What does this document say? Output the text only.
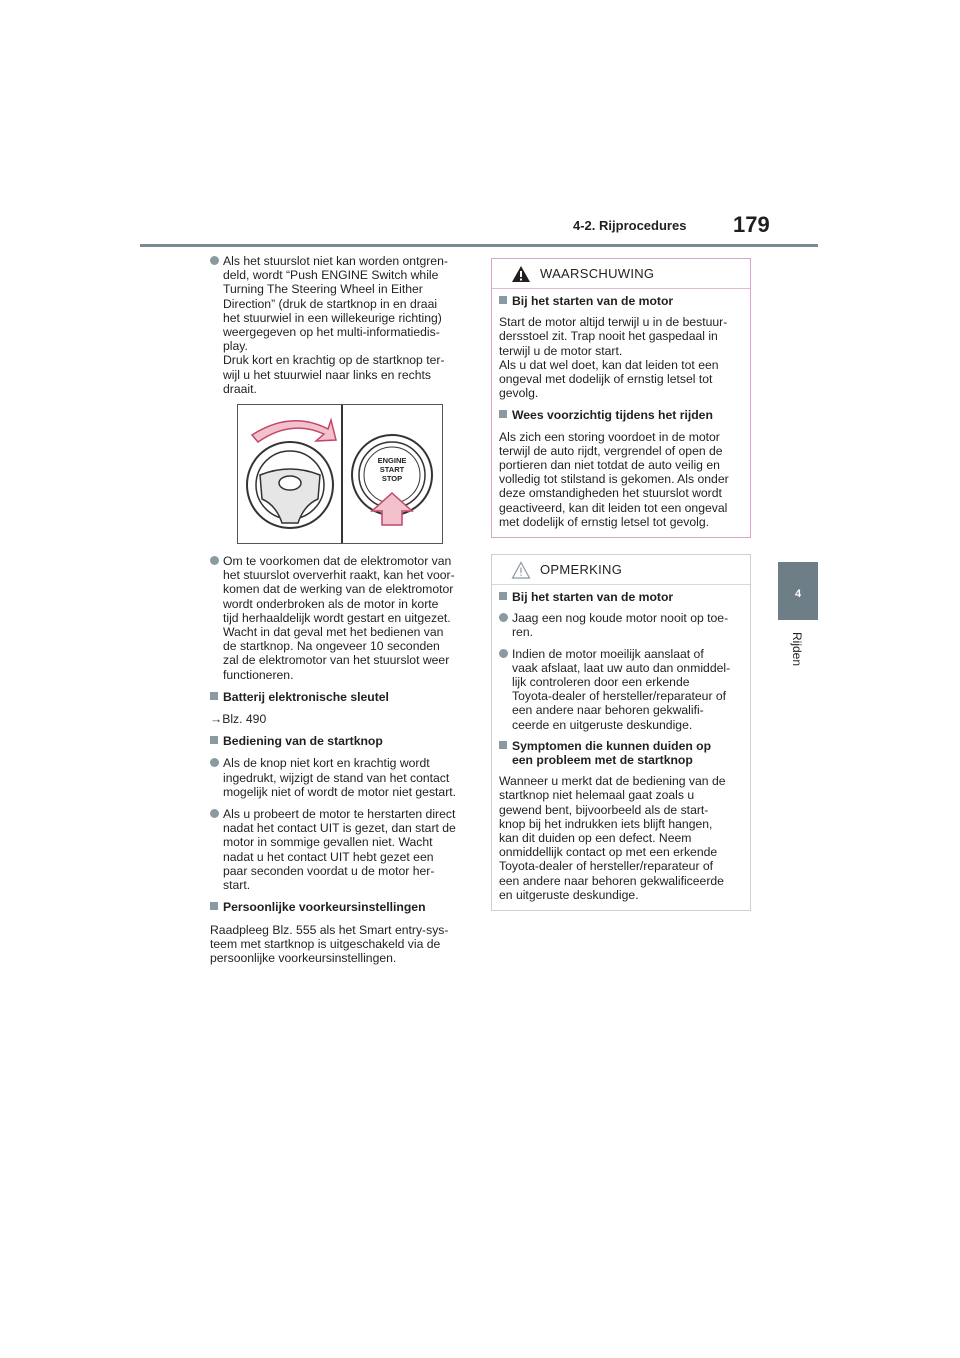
4-2. Rijprocedures 179
4
Rijden
Als het stuurslot niet kan worden ontgren-
deld, wordt “Push ENGINE Switch while
Turning The Steering Wheel in Either
Direction” (druk de startknop in en draai
het stuurwiel in een willekeurige richting)
weergegeven op het multi-informatiedis-
play.
Druk kort en krachtig op de startknop ter-
wijl u het stuurwiel naar links en rechts
draait.
ENGINE
START
STOP
Om te voorkomen dat de elektromotor van
het stuurslot oververhit raakt, kan het voor-
komen dat de werking van de elektromotor
wordt onderbroken als de motor in korte
tijd herhaaldelijk wordt gestart en uitgezet.
Wacht in dat geval met het bedienen van
de startknop. Na ongeveer 10 seconden
zal de elektromotor van het stuurslot weer
functioneren.
Batterij elektronische sleutel
→Blz. 490
Bediening van de startknop
Als de knop niet kort en krachtig wordt
ingedrukt, wijzigt de stand van het contact
mogelijk niet of wordt de motor niet gestart.
Als u probeert de motor te herstarten direct
nadat het contact UIT is gezet, dan start de
motor in sommige gevallen niet. Wacht
nadat u het contact UIT hebt gezet een
paar seconden voordat u de motor her-
start.
Persoonlijke voorkeursinstellingen
Raadpleeg Blz. 555 als het Smart entry-sys-
teem met startknop is uitgeschakeld via de
persoonlijke voorkeursinstellingen.
WAARSCHUWING
Bij het starten van de motor
Start de motor altijd terwijl u in de bestuur-
dersstoel zit. Trap nooit het gaspedaal in
terwijl u de motor start.
Als u dat wel doet, kan dat leiden tot een
ongeval met dodelijk of ernstig letsel tot
gevolg.
Wees voorzichtig tijdens het rijden
Als zich een storing voordoet in de motor
terwijl de auto rijdt, vergrendel of open de
portieren dan niet totdat de auto veilig en
volledig tot stilstand is gekomen. Als onder
deze omstandigheden het stuurslot wordt
geactiveerd, kan dit leiden tot een ongeval
met dodelijk of ernstig letsel tot gevolg.
OPMERKING
Bij het starten van de motor
Jaag een nog koude motor nooit op toe-
ren.
Indien de motor moeilijk aanslaat of
vaak afslaat, laat uw auto dan onmiddel-
lijk controleren door een erkende
Toyota-dealer of hersteller/reparateur of
een andere naar behoren gekwalifi-
ceerde en uitgeruste deskundige.
Symptomen die kunnen duiden op
een probleem met de startknop
Wanneer u merkt dat de bediening van de
startknop niet helemaal gaat zoals u
gewend bent, bijvoorbeeld als de start-
knop bij het indrukken iets blijft hangen,
kan dit duiden op een defect. Neem
onmiddellijk contact op met een erkende
Toyota-dealer of hersteller/reparateur of
een andere naar behoren gekwalificeerde
en uitgeruste deskundige.
